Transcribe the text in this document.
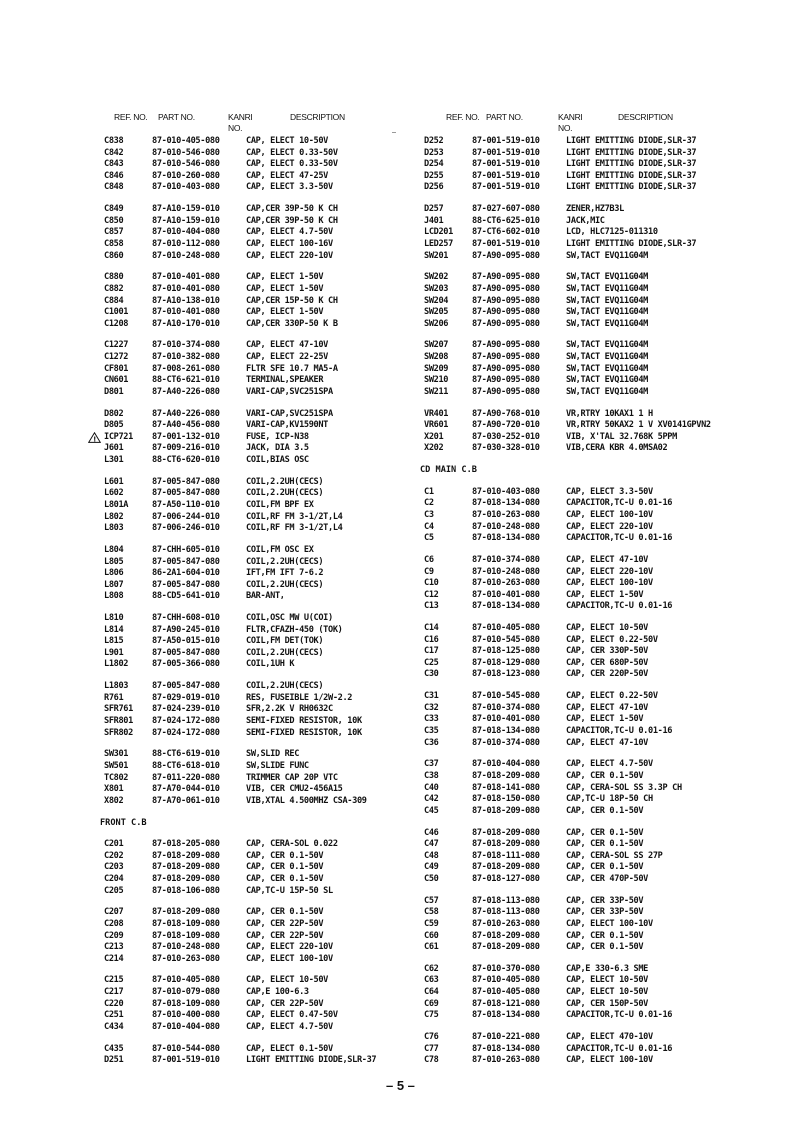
REF. NO. PART NO.	KANRI
NO.
DESCRIPTION
C838	87-010-405-080	CAP, ELECT 10-50V
C842	87-010-546-080	CAP, ELECT 0.33-50V
C843	87-010-546-080	CAP, ELECT 0.33-50V
C846	87-010-260-080	CAP, ELECT 47-25V
C848	87-010-403-080	CAP, ELECT 3.3-50V
C849	87-A10-159-010	CAP,CER 39P-50 K CH
C850	87-A10-159-010	CAP,CER 39P-50 K CH
C857	87-010-404-080	CAP, ELECT 4.7-50V
C858	87-010-112-080	CAP, ELECT 100-16V
C860	87-010-248-080	CAP, ELECT 220-10V
C880	87-010-401-080	CAP, ELECT 1-50V
C882	87-010-401-080	CAP, ELECT 1-50V
C884	87-A10-138-010	CAP,CER 15P-50 K CH
C1001	87-010-401-080	CAP, ELECT 1-50V
C1208	87-A10-170-010	CAP,CER 330P-50 K B
C1227	87-010-374-080	CAP, ELECT 47-10V
C1272	87-010-382-080	CAP, ELECT 22-25V
CF801	87-008-261-080	FLTR SFE 10.7 MA5-A
CN601	88-CT6-621-010	TERMINAL,SPEAKER
D801	87-A40-226-080	VARI-CAP,SVC251SPA
D802	87-A40-226-080	VARI-CAP,SVC251SPA
D805	87-A40-456-080	VARI-CAP,KV1590NT
! ICP721 87-001-132-010	FUSE, ICP-N38
J601	87-009-216-010	JACK, DIA 3.5
L301	88-CT6-620-010	COIL,BIAS OSC
L601	87-005-847-080	COIL,2.2UH(CECS)
L602	87-005-847-080	COIL,2.2UH(CECS)
L801A	87-A50-110-010	COIL,FM BPF EX
L802	87-006-244-010	COIL,RF FM 3-1/2T,L4
L803	87-006-246-010	COIL,RF FM 3-1/2T,L4
L804	87-CHH-605-010	COIL,FM OSC EX
L805	87-005-847-080	COIL,2.2UH(CECS)
L806	86-2A1-604-010	IFT,FM IFT 7-6.2
L807	87-005-847-080	COIL,2.2UH(CECS)
L808	88-CD5-641-010	BAR-ANT,
L810	87-CHH-608-010	COIL,OSC MW U(COI)
L814	87-A90-245-010	FLTR,CFAZH-450 (TOK)
L815	87-A50-015-010	COIL,FM DET(TOK)
L901	87-005-847-080	COIL,2.2UH(CECS)
L1802	87-005-366-080	COIL,1UH K
L1803	87-005-847-080	COIL,2.2UH(CECS)
R761	87-029-019-010	RES, FUSEIBLE 1/2W-2.2
SFR761 87-024-239-010	SFR,2.2K V RH0632C
SFR801 87-024-172-080	SEMI-FIXED RESISTOR, 10K
SFR802 87-024-172-080	SEMI-FIXED RESISTOR, 10K
SW301	88-CT6-619-010	SW,SLID REC
SW501	88-CT6-618-010	SW,SLIDE FUNC
TC802	87-011-220-080	TRIMMER CAP 20P VTC
X801	87-A70-044-010	VIB, CER CMU2-456A15
X802	87-A70-061-010	VIB,XTAL 4.500MHZ CSA-309
FRONT C.B
C201	87-018-205-080	CAP, CERA-SOL 0.022
C202	87-018-209-080	CAP, CER 0.1-50V
C203	87-018-209-080	CAP, CER 0.1-50V
C204	87-018-209-080	CAP, CER 0.1-50V
C205	87-018-106-080	CAP,TC-U 15P-50 SL
C207	87-018-209-080	CAP, CER 0.1-50V
C208	87-018-109-080	CAP, CER 22P-50V
C209	87-018-109-080	CAP, CER 22P-50V
C213	87-010-248-080	CAP, ELECT 220-10V
C214	87-010-263-080	CAP, ELECT 100-10V
C215	87-010-405-080	CAP, ELECT 10-50V
C217	87-010-079-080	CAP,E 100-6.3
C220	87-018-109-080	CAP, CER 22P-50V
C251	87-010-400-080	CAP, ELECT 0.47-50V
C434	87-010-404-080	CAP, ELECT 4.7-50V
C435	87-010-544-080	CAP, ELECT 0.1-50V
D251	87-001-519-010	LIGHT EMITTING DIODE,SLR-37
REF. NO. PART NO.	KANRI
NO.
DESCRIPTION
D252	87-001-519-010	LIGHT EMITTING DIODE,SLR-37
D253	87-001-519-010	LIGHT EMITTING DIODE,SLR-37
D254	87-001-519-010	LIGHT EMITTING DIODE,SLR-37
D255	87-001-519-010	LIGHT EMITTING DIODE,SLR-37
D256	87-001-519-010	LIGHT EMITTING DIODE,SLR-37
D257	87-027-607-080	ZENER,HZ7B3L
J401	88-CT6-625-010	JACK,MIC
LCD201 87-CT6-602-010	LCD, HLC7125-011310
LED257 87-001-519-010	LIGHT EMITTING DIODE,SLR-37
SW201	87-A90-095-080	SW,TACT EVQ11G04M
SW202	87-A90-095-080	SW,TACT EVQ11G04M
SW203	87-A90-095-080	SW,TACT EVQ11G04M
SW204	87-A90-095-080	SW,TACT EVQ11G04M
SW205	87-A90-095-080	SW,TACT EVQ11G04M
SW206	87-A90-095-080	SW,TACT EVQ11G04M
SW207	87-A90-095-080	SW,TACT EVQ11G04M
SW208	87-A90-095-080	SW,TACT EVQ11G04M
SW209	87-A90-095-080	SW,TACT EVQ11G04M
SW210	87-A90-095-080	SW,TACT EVQ11G04M
SW211	87-A90-095-080	SW,TACT EVQ11G04M
VR401	87-A90-768-010	VR,RTRY 10KAX1 1 H
VR601	87-A90-720-010	VR,RTRY 50KAX2 1 V XV0141GPVN2
X201	87-030-252-010	VIB, X'TAL 32.768K 5PPM
X202	87-030-328-010	VIB,CERA KBR 4.0MSA02
CD MAIN C.B
C1	87-010-403-080	CAP, ELECT 3.3-50V
C2	87-018-134-080	CAPACITOR,TC-U 0.01-16
C3	87-010-263-080	CAP, ELECT 100-10V
C4	87-010-248-080	CAP, ELECT 220-10V
C5	87-018-134-080	CAPACITOR,TC-U 0.01-16
C6	87-010-374-080	CAP, ELECT 47-10V
C9	87-010-248-080	CAP, ELECT 220-10V
C10	87-010-263-080	CAP, ELECT 100-10V
C12	87-010-401-080	CAP, ELECT 1-50V
C13	87-018-134-080	CAPACITOR,TC-U 0.01-16
C14	87-010-405-080	CAP, ELECT 10-50V
C16	87-010-545-080	CAP, ELECT 0.22-50V
C17	87-018-125-080	CAP, CER 330P-50V
C25	87-018-129-080	CAP, CER 680P-50V
C30	87-018-123-080	CAP, CER 220P-50V
C31	87-010-545-080	CAP, ELECT 0.22-50V
C32	87-010-374-080	CAP, ELECT 47-10V
C33	87-010-401-080	CAP, ELECT 1-50V
C35	87-018-134-080	CAPACITOR,TC-U 0.01-16
C36	87-010-374-080	CAP, ELECT 47-10V
C37	87-010-404-080	CAP, ELECT 4.7-50V
C38	87-018-209-080	CAP, CER 0.1-50V
C40	87-018-141-080	CAP, CERA-SOL SS 3.3P CH
C42	87-018-150-080	CAP,TC-U 18P-50 CH
C45	87-018-209-080	CAP, CER 0.1-50V
C46	87-018-209-080	CAP, CER 0.1-50V
C47	87-018-209-080	CAP, CER 0.1-50V
C48	87-018-111-080	CAP, CERA-SOL SS 27P
C49	87-018-209-080	CAP, CER 0.1-50V
C50	87-018-127-080	CAP, CER 470P-50V
C57	87-018-113-080	CAP, CER 33P-50V
C58	87-018-113-080	CAP, CER 33P-50V
C59	87-010-263-080	CAP, ELECT 100-10V
C60	87-018-209-080	CAP, CER 0.1-50V
C61	87-018-209-080	CAP, CER 0.1-50V
C62	87-010-370-080	CAP,E 330-6.3 SME
C63	87-010-405-080	CAP, ELECT 10-50V
C64	87-010-405-080	CAP, ELECT 10-50V
C69	87-018-121-080	CAP, CER 150P-50V
C75	87-018-134-080	CAPACITOR,TC-U 0.01-16
C76	87-010-221-080	CAP, ELECT 470-10V
C77	87-018-134-080	CAPACITOR,TC-U 0.01-16
C78	87-010-263-080	CAP, ELECT 100-10V
– 5 –
